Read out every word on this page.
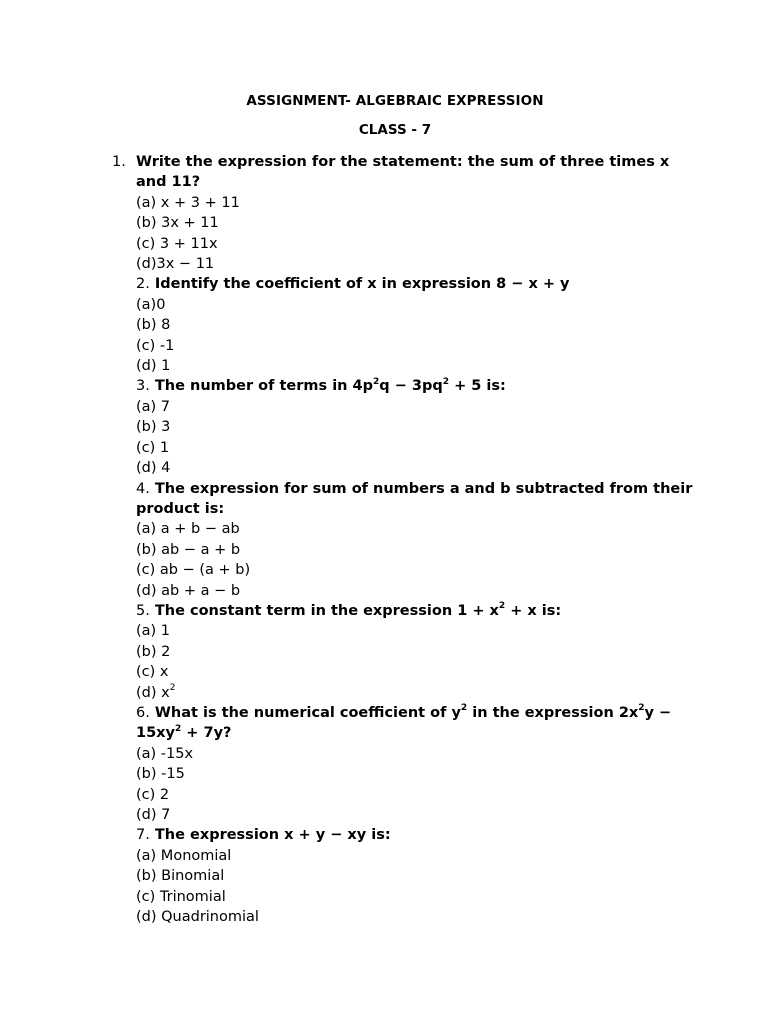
ASSIGNMENT- ALGEBRAIC EXPRESSION
CLASS - 7
1. Write the expression for the statement: the sum of three times x and 11?
(a) x + 3 + 11
(b) 3x + 11
(c) 3 + 11x
(d)3x − 11
2. Identify the coefficient of x in expression 8 − x + y
(a)0
(b) 8
(c) -1
(d) 1
3. The number of terms in $4p^2q - 3pq^2 + 5$ is:
(a) 7
(b) 3
(c) 1
(d) 4
4. The expression for sum of numbers a and b subtracted from their product is:
(a) a + b − ab
(b) ab − a + b
(c) ab − (a + b)
(d) ab + a − b
5. The constant term in the expression $1 + x^2 + x$ is:
(a) 1
(b) 2
(c) x
(d) $x^2$
6. What is the numerical coefficient of $y^2$ in the expression $2x^2y - 15xy^2 + 7y$?
(a) -15x
(b) -15
(c) 2
(d) 7
7. The expression x + y − xy is:
(a) Monomial
(b) Binomial
(c) Trinomial
(d) Quadrinomial
